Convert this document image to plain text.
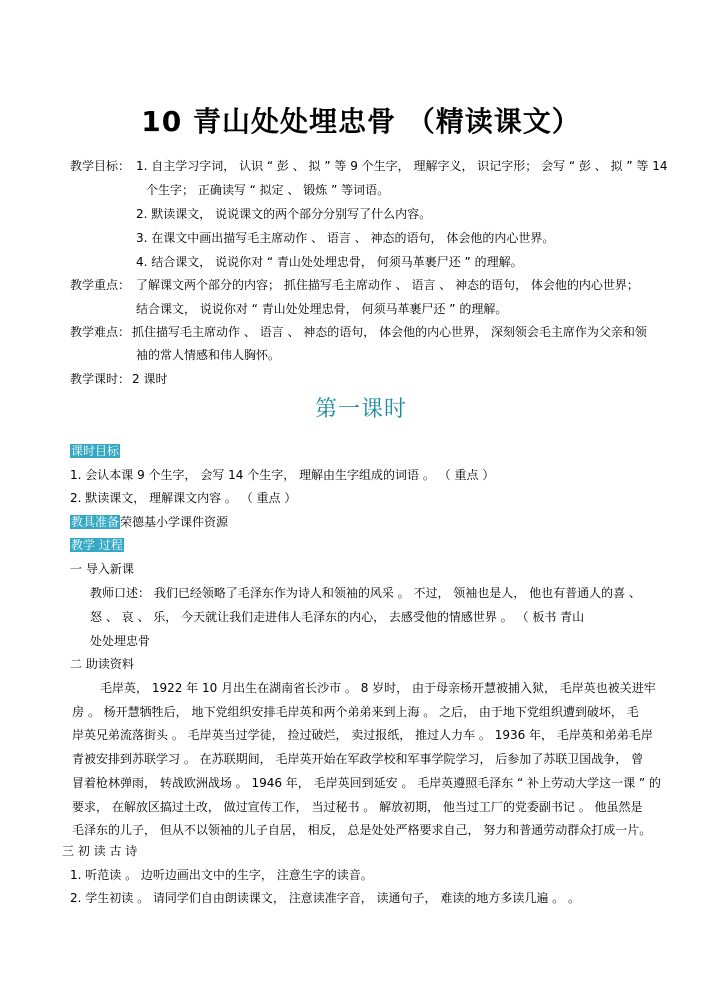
10 青山处处埋忠骨 （精读课文）
教学目标： 1. 自主学习字词， 认识 “ 彭 、 拟 ” 等 9 个生字， 理解字义， 识记字形； 会写 “ 彭 、 拟 ” 等 14
个生字； 正确读写 “ 拟定 、 锻炼 ” 等词语。
2. 默读课文， 说说课文的两个部分分别写了什么内容。
3. 在课文中画出描写毛主席动作 、 语言 、 神态的语句， 体会他的内心世界。
4. 结合课文， 说说你对 “ 青山处处埋忠骨， 何须马革裹尸还 ” 的理解。
教学重点： 了解课文两个部分的内容； 抓住描写毛主席动作 、 语言 、 神态的语句， 体会他的内心世界；
结合课文， 说说你对 “ 青山处处埋忠骨， 何须马革裹尸还 ” 的理解。
教学难点： 抓住描写毛主席动作 、 语言 、 神态的语句， 体会他的内心世界， 深刻领会毛主席作为父亲和领
袖的常人情感和伟人胸怀。
教学课时： 2 课时
第一课时
课时目标
1. 会认本课 9 个生字， 会写 14 个生字， 理解由生字组成的词语 。 （ 重点 ）
2. 默读课文， 理解课文内容 。 （ 重点 ）
教具准备荣德基小学课件资源
教学 过程
一 导入新课
教师口述： 我们已经领略了毛泽东作为诗人和领袖的风采 。 不过， 领袖也是人， 他也有普通人的喜 、
怒 、 哀 、 乐， 今天就让我们走进伟人毛泽东的内心， 去感受他的情感世界 。 （ 板书 青山
处处埋忠骨
二 助读资料
毛岸英， 1922 年 10 月出生在湖南省长沙市 。 8 岁时， 由于母亲杨开慧被捕入狱， 毛岸英也被关进牢
房 。 杨开慧牺牲后， 地下党组织安排毛岸英和两个弟弟来到上海 。 之后， 由于地下党组织遭到破坏， 毛
岸英兄弟流落街头 。 毛岸英当过学徒， 捡过破烂， 卖过报纸， 推过人力车 。 1936 年， 毛岸英和弟弟毛岸
青被安排到苏联学习 。 在苏联期间， 毛岸英开始在军政学校和军事学院学习， 后参加了苏联卫国战争， 曾
冒着枪林弹雨， 转战欧洲战场 。 1946 年， 毛岸英回到延安 。 毛岸英遵照毛泽东 “ 补上劳动大学这一课 ” 的
要求， 在解放区搞过土改， 做过宣传工作， 当过秘书 。 解放初期， 他当过工厂的党委副书记 。 他虽然是
毛泽东的儿子， 但从不以领袖的儿子自居， 相反， 总是处处严格要求自己， 努力和普通劳动群众打成一片。
三 初 读 古 诗
1. 听范读 。 边听边画出文中的生字， 注意生字的读音。
2. 学生初读 。 请同学们自由朗读课文， 注意读准字音， 读通句子， 难读的地方多读几遍 。 。
